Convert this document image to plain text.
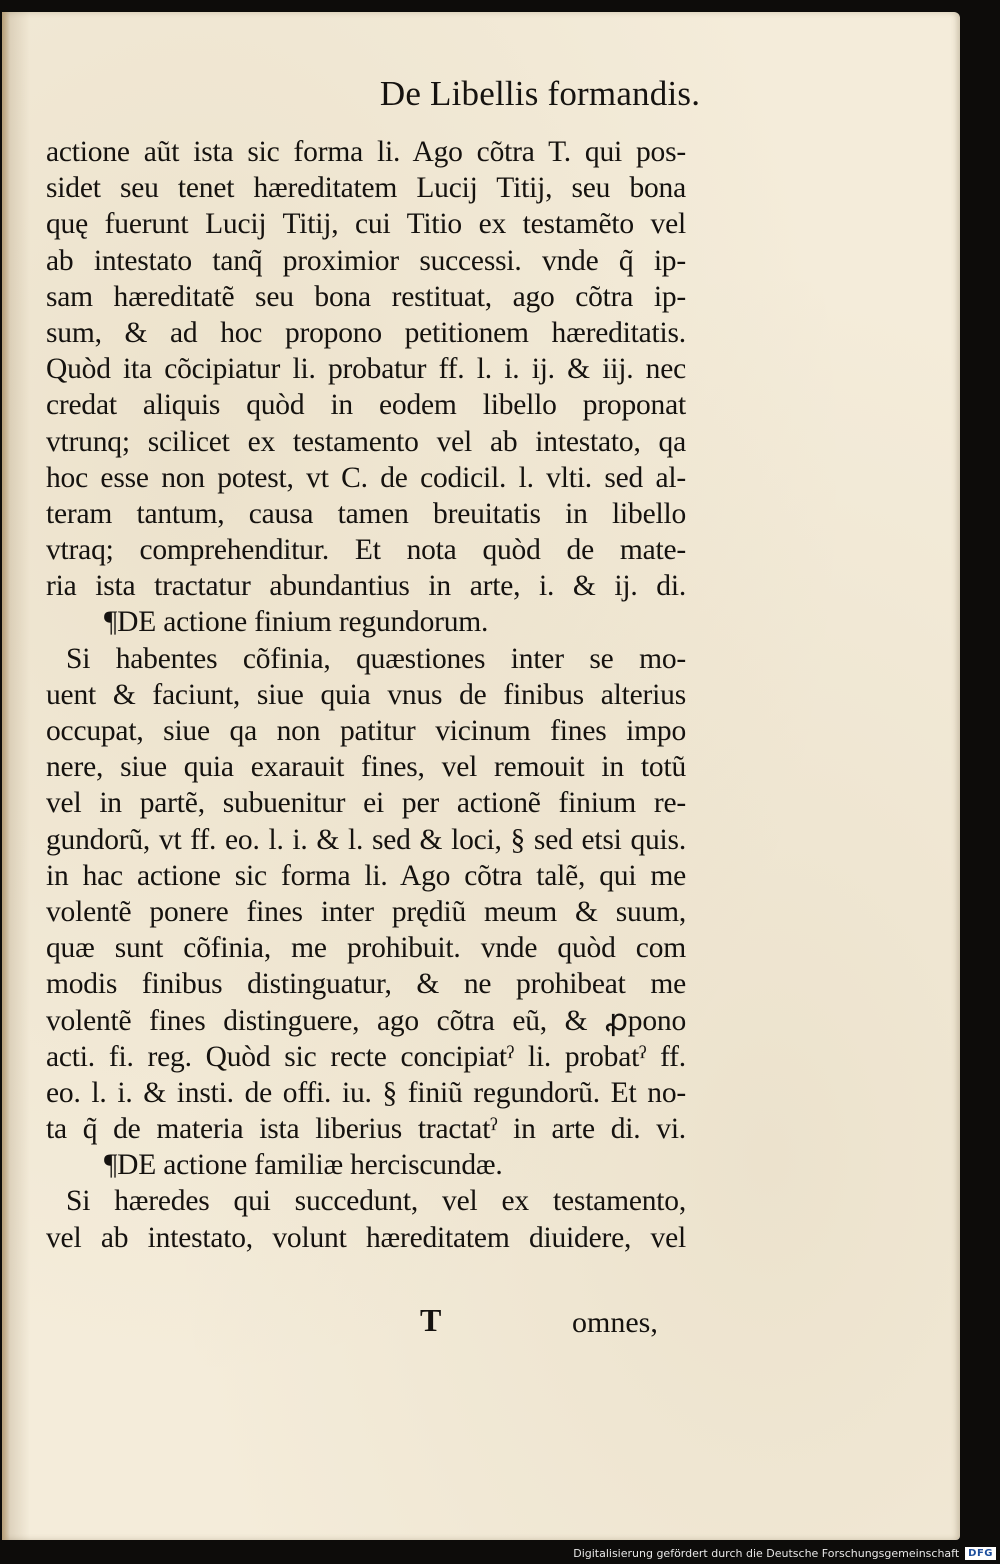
De Libellis formandis.
actione aũt ista sic forma li. Ago cõtra T. qui pos-
sidet seu tenet hæreditatem Lucij Titij, seu bona
quę fuerunt Lucij Titij, cui Titio ex testamẽto vel
ab intestato tanq̃ proximior successi. vnde q̃ ip-
sam hæreditatẽ seu bona restituat, ago cõtra ip-
sum, & ad hoc propono petitionem hæreditatis.
Quòd ita cõcipiatur li. probatur ff. l. i. ij. & iij. nec
credat aliquis quòd in eodem libello proponat
vtrunq; scilicet ex testamento vel ab intestato, qa
hoc esse non potest, vt C. de codicil. l. vlti. sed al-
teram tantum, causa tamen breuitatis in libello
vtraq; comprehenditur. Et nota quòd de mate-
ria ista tractatur abundantius in arte, i. & ij. di.
¶DE actione finium regundorum.
Si habentes cõfinia, quæstiones inter se mo-
uent & faciunt, siue quia vnus de finibus alterius
occupat, siue qa non patitur vicinum fines impo
nere, siue quia exarauit fines, vel remouit in totũ
vel in partẽ, subuenitur ei per actionẽ finium re-
gundorũ, vt ff. eo. l. i. & l. sed & loci, § sed etsi quis.
in hac actione sic forma li. Ago cõtra talẽ, qui me
volentẽ ponere fines inter prędiũ meum & suum,
quæ sunt cõfinia, me prohibuit. vnde quòd com
modis finibus distinguatur, & ne prohibeat me
volentẽ fines distinguere, ago cõtra eũ, & ꝓpono
acti. fi. reg. Quòd sic recte concipiatˀ li. probatˀ ff.
eo. l. i. & insti. de offi. iu. § finiũ regundorũ. Et no-
ta q̃ de materia ista liberius tractatˀ in arte di. vi.
¶DE actione familiæ herciscundæ.
Si hæredes qui succedunt, vel ex testamento,
vel ab intestato, volunt hæreditatem diuidere, vel
T	omnes,
Digitalisierung gefördert durch die Deutsche Forschungsgemeinschaft DFG
